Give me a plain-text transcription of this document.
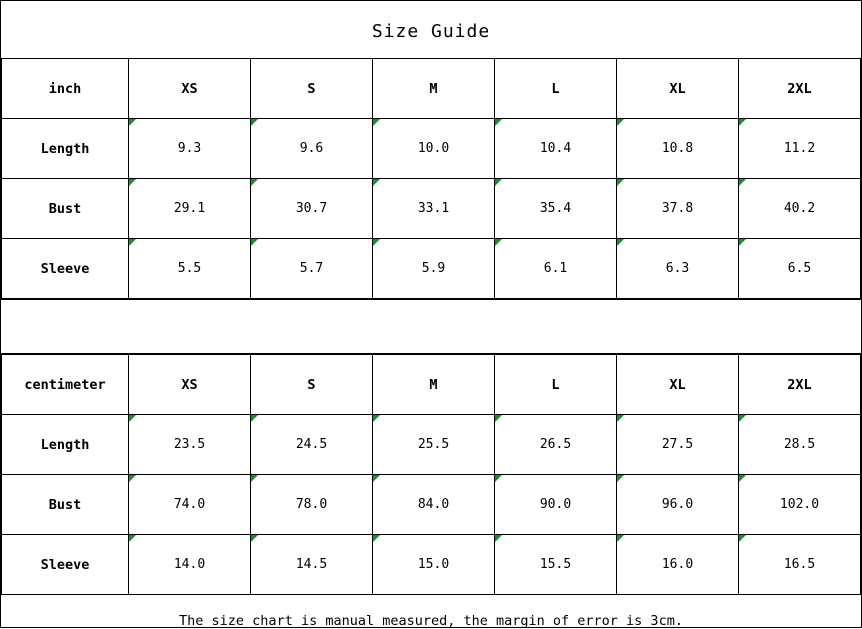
Size Guide
inch	XS	S	M	L	XL	2XL
Length	9.3	9.6	10.0	10.4	10.8	11.2
Bust	29.1	30.7	33.1	35.4	37.8	40.2
Sleeve	5.5	5.7	5.9	6.1	6.3	6.5
centimeter	XS	S	M	L	XL	2XL
Length	23.5	24.5	25.5	26.5	27.5	28.5
Bust	74.0	78.0	84.0	90.0	96.0	102.0
Sleeve	14.0	14.5	15.0	15.5	16.0	16.5
The size chart is manual measured, the margin of error is 3cm.
